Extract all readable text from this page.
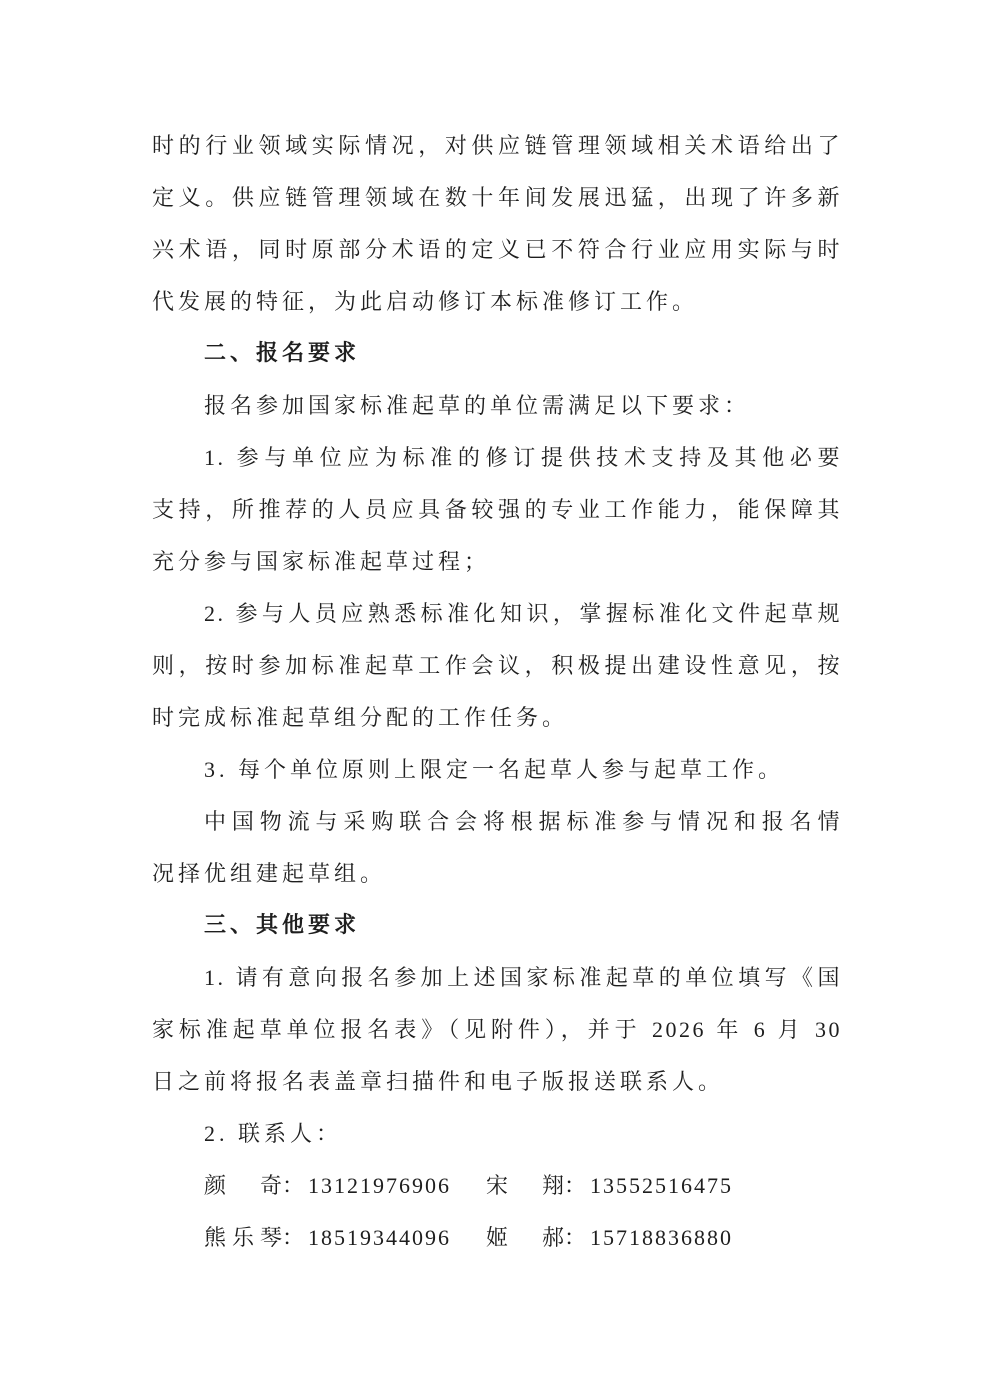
时的行业领域实际情况，对供应链管理领域相关术语给出了
定义。供应链管理领域在数十年间发展迅猛，出现了许多新
兴术语，同时原部分术语的定义已不符合行业应用实际与时
代发展的特征，为此启动修订本标准修订工作。
二、报名要求
报名参加国家标准起草的单位需满足以下要求：
1. 参与单位应为标准的修订提供技术支持及其他必要
支持，所推荐的人员应具备较强的专业工作能力，能保障其
充分参与国家标准起草过程；
2. 参与人员应熟悉标准化知识，掌握标准化文件起草规
则，按时参加标准起草工作会议，积极提出建设性意见，按
时完成标准起草组分配的工作任务。
3. 每个单位原则上限定一名起草人参与起草工作。
中国物流与采购联合会将根据标准参与情况和报名情
况择优组建起草组。
三、其他要求
1. 请有意向报名参加上述国家标准起草的单位填写《国
家标准起草单位报名表》（见附件），并于 2026 年 6 月 30
日之前将报名表盖章扫描件和电子版报送联系人。
2. 联系人：
颜　奇 ： 13121976906 宋　翔 ： 13552516475
熊乐琴 ： 18519344096 姬　郝 ： 15718836880
